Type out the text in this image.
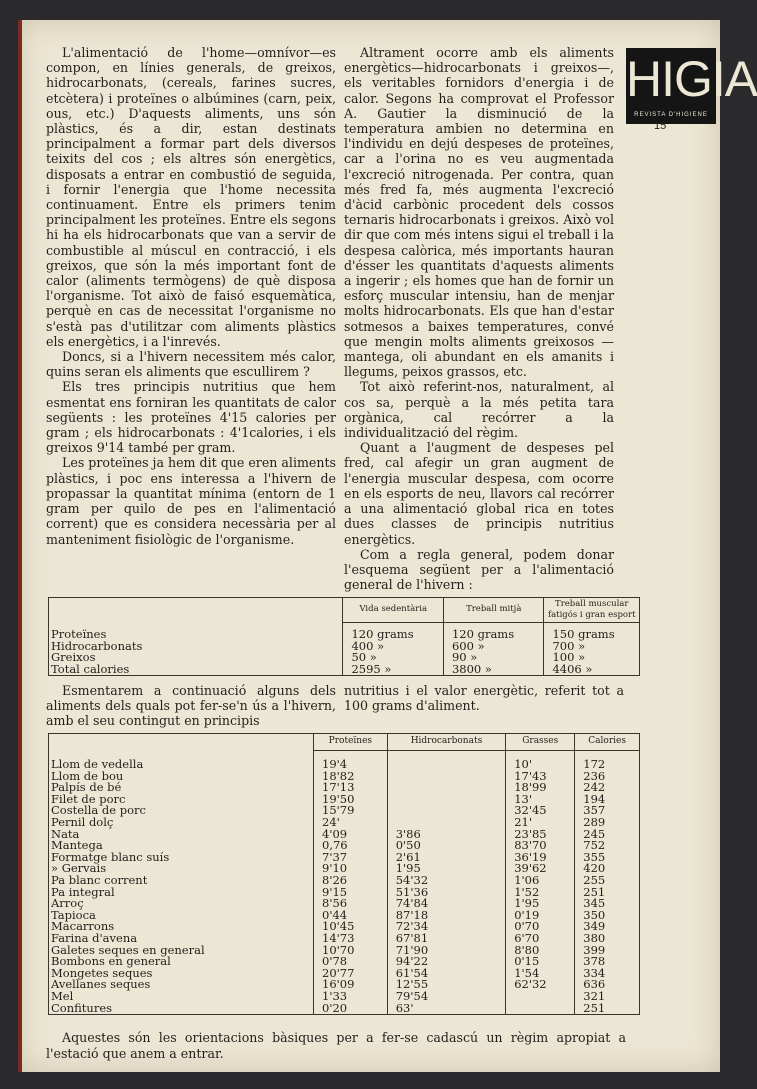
L'alimentació de l'home—omnívor—es compon, en línies generals, de greixos, hidrocarbonats, (cereals, farines sucres, etcètera) i proteïnes o albúmines (carn, peix, ous, etc.) D'aquests aliments, uns són plàstics, és a dir, estan destinats principalment a formar part dels diversos teixits del cos ; els altres són energètics, disposats a entrar en combustió de seguida, i fornir l'energia que l'home necessita continuament. Entre els primers tenim principalment les proteïnes. Entre els segons hi ha els hidrocarbonats que van a servir de combustible al múscul en contracció, i els greixos, que són la més important font de calor (aliments termògens) de què disposa l'organisme. Tot això de faisó esquemàtica, perquè en cas de necessitat l'organisme no s'està pas d'utilitzar com aliments plàstics els energètics, i a l'inrevés.

Doncs, si a l'hivern necessitem més calor, quins seran els aliments que escullirem ?

Els tres principis nutritius que hem esmentat ens forniran les quantitats de calor següents : les proteïnes 4'15 calories per gram ; els hidrocarbonats : 4'1calories, i els greixos 9'14 també per gram.

Les proteïnes ja hem dit que eren aliments plàstics, i poc ens interessa a l'hivern de propassar la quantitat mínima (entorn de 1 gram per quilo de pes en l'alimentació corrent) que es considera necessària per al manteniment fisiològic de l'organisme.

Altrament ocorre amb els aliments energètics—hidrocarbonats i greixos—, els veritables fornidors d'energia i de calor. Segons ha comprovat el Professor A. Gautier la disminució de la temperatura ambien no determina en l'individu en dejú despeses de proteïnes, car a l'orina no es veu augmentada l'excreció nitrogenada. Per contra, quan més fred fa, més augmenta l'excreció d'àcid carbònic procedent dels cossos ternaris hidrocarbonats i greixos. Això vol dir que com més intens sigui el treball i la despesa calòrica, més importants hauran d'ésser les quantitats d'aquests aliments a ingerir ; els homes que han de fornir un esforç muscular intensiu, han de menjar molts hidrocarbonats. Els que han d'estar sotmesos a baixes temperatures, convé que mengin molts aliments greixosos — mantega, oli abundant en els amanits i llegums, peixos grassos, etc.

Tot això referint-nos, naturalment, al cos sa, perquè a la més petita tara orgànica, cal recórrer a la individualització del règim.

Quant a l'augment de despeses pel fred, cal afegir un gran augment de l'energia muscular despesa, com ocorre en els esports de neu, llavors cal recórrer a una alimentació global rica en totes dues classes de principis nutritius energètics.

Com a regla general, podem donar l'esquema següent per a l'alimentació general de l'hivern :

HIGIA
REVISTA D'HIGIENE
15
	Vida sedentària	Treball mitjà	Treball muscular fatigós i gran esport
Proteïnes	120 grams	120 grams	150 grams
Hidrocarbonats	400 »	600 »	700 »
Greixos	50 »	90 »	100 »
Total calories	2595 »	3800 »	4406 »

Esmentarem a continuació alguns dels aliments dels quals pot fer-se'n ús a l'hivern, amb el seu contingut en principis

nutritius i el valor energètic, referit tot a 100 grams d'aliment.

	Proteïnes	Hidrocarbonats	Grasses	Calories
Llom de vedella	19'4		10'	172
Llom de bou	18'82		17'43	236
Palpís de bé	17'13		18'99	242
Filet de porc	19'50		13'	194
Costella de porc	15'79		32'45	357
Pernil dolç	24'		21'	289
Nata	4'09	3'86	23'85	245
Mantega	0,76	0'50	83'70	752
Formatge blanc suís	7'37	2'61	36'19	355
» Gervais	9'10	1'95	39'62	420
Pa blanc corrent	8'26	54'32	1'06	255
Pa integral	9'15	51'36	1'52	251
Arroç	8'56	74'84	1'95	345
Tapioca	0'44	87'18	0'19	350
Macarrons	10'45	72'34	0'70	349
Farina d'avena	14'73	67'81	6'70	380
Galetes seques en general	10'70	71'90	8'80	399
Bombons en general	0'78	94'22	0'15	378
Mongetes seques	20'77	61'54	1'54	334
Avellanes seques	16'09	12'55	62'32	636
Mel	1'33	79'54		321
Confitures	0'20	63'		251

Aquestes són les orientacions bàsiques per a fer-se cadascú un règim apropiat a l'estació que anem a entrar.
